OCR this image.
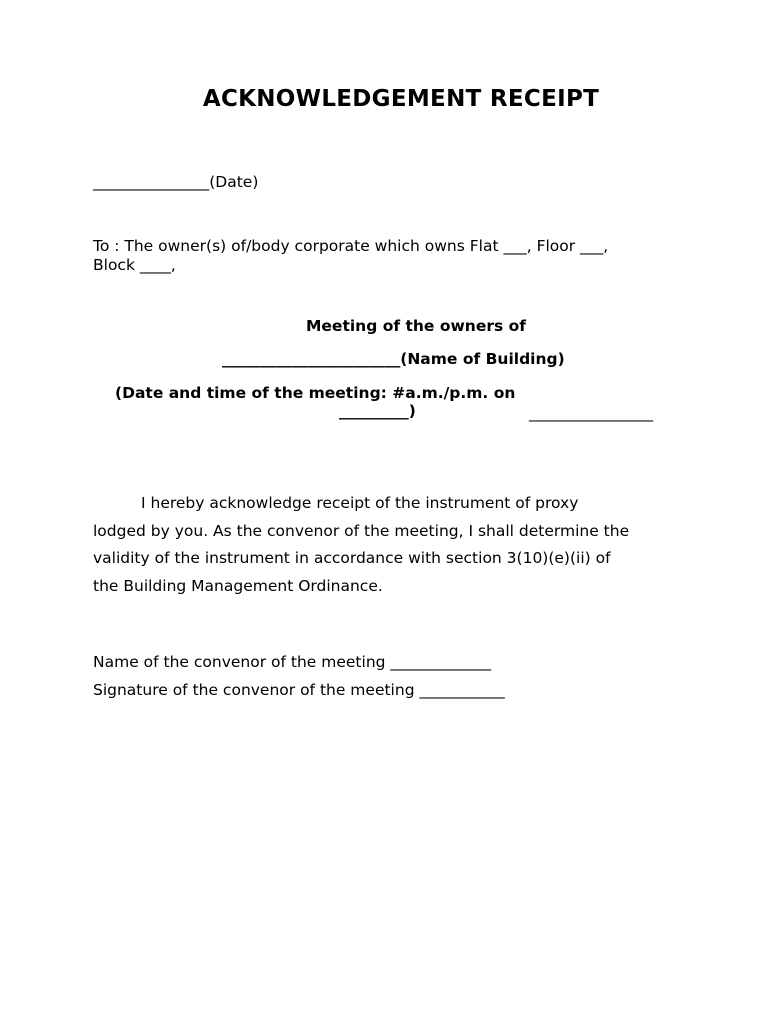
ACKNOWLEDGEMENT RECEIPT
_______________(Date)
To : The owner(s) of/body corporate which owns Flat ___, Floor ___,
Block ____,
Meeting of the owners of
_______________________(Name of Building)
(Date and time of the meeting: #a.m./p.m. on
_________)	________________
I hereby acknowledge receipt of the instrument of proxy
lodged by you. As the convenor of the meeting, I shall determine the
validity of the instrument in accordance with section 3(10)(e)(ii) of
the Building Management Ordinance.
Name of the convenor of the meeting _____________
Signature of the convenor of the meeting ___________
